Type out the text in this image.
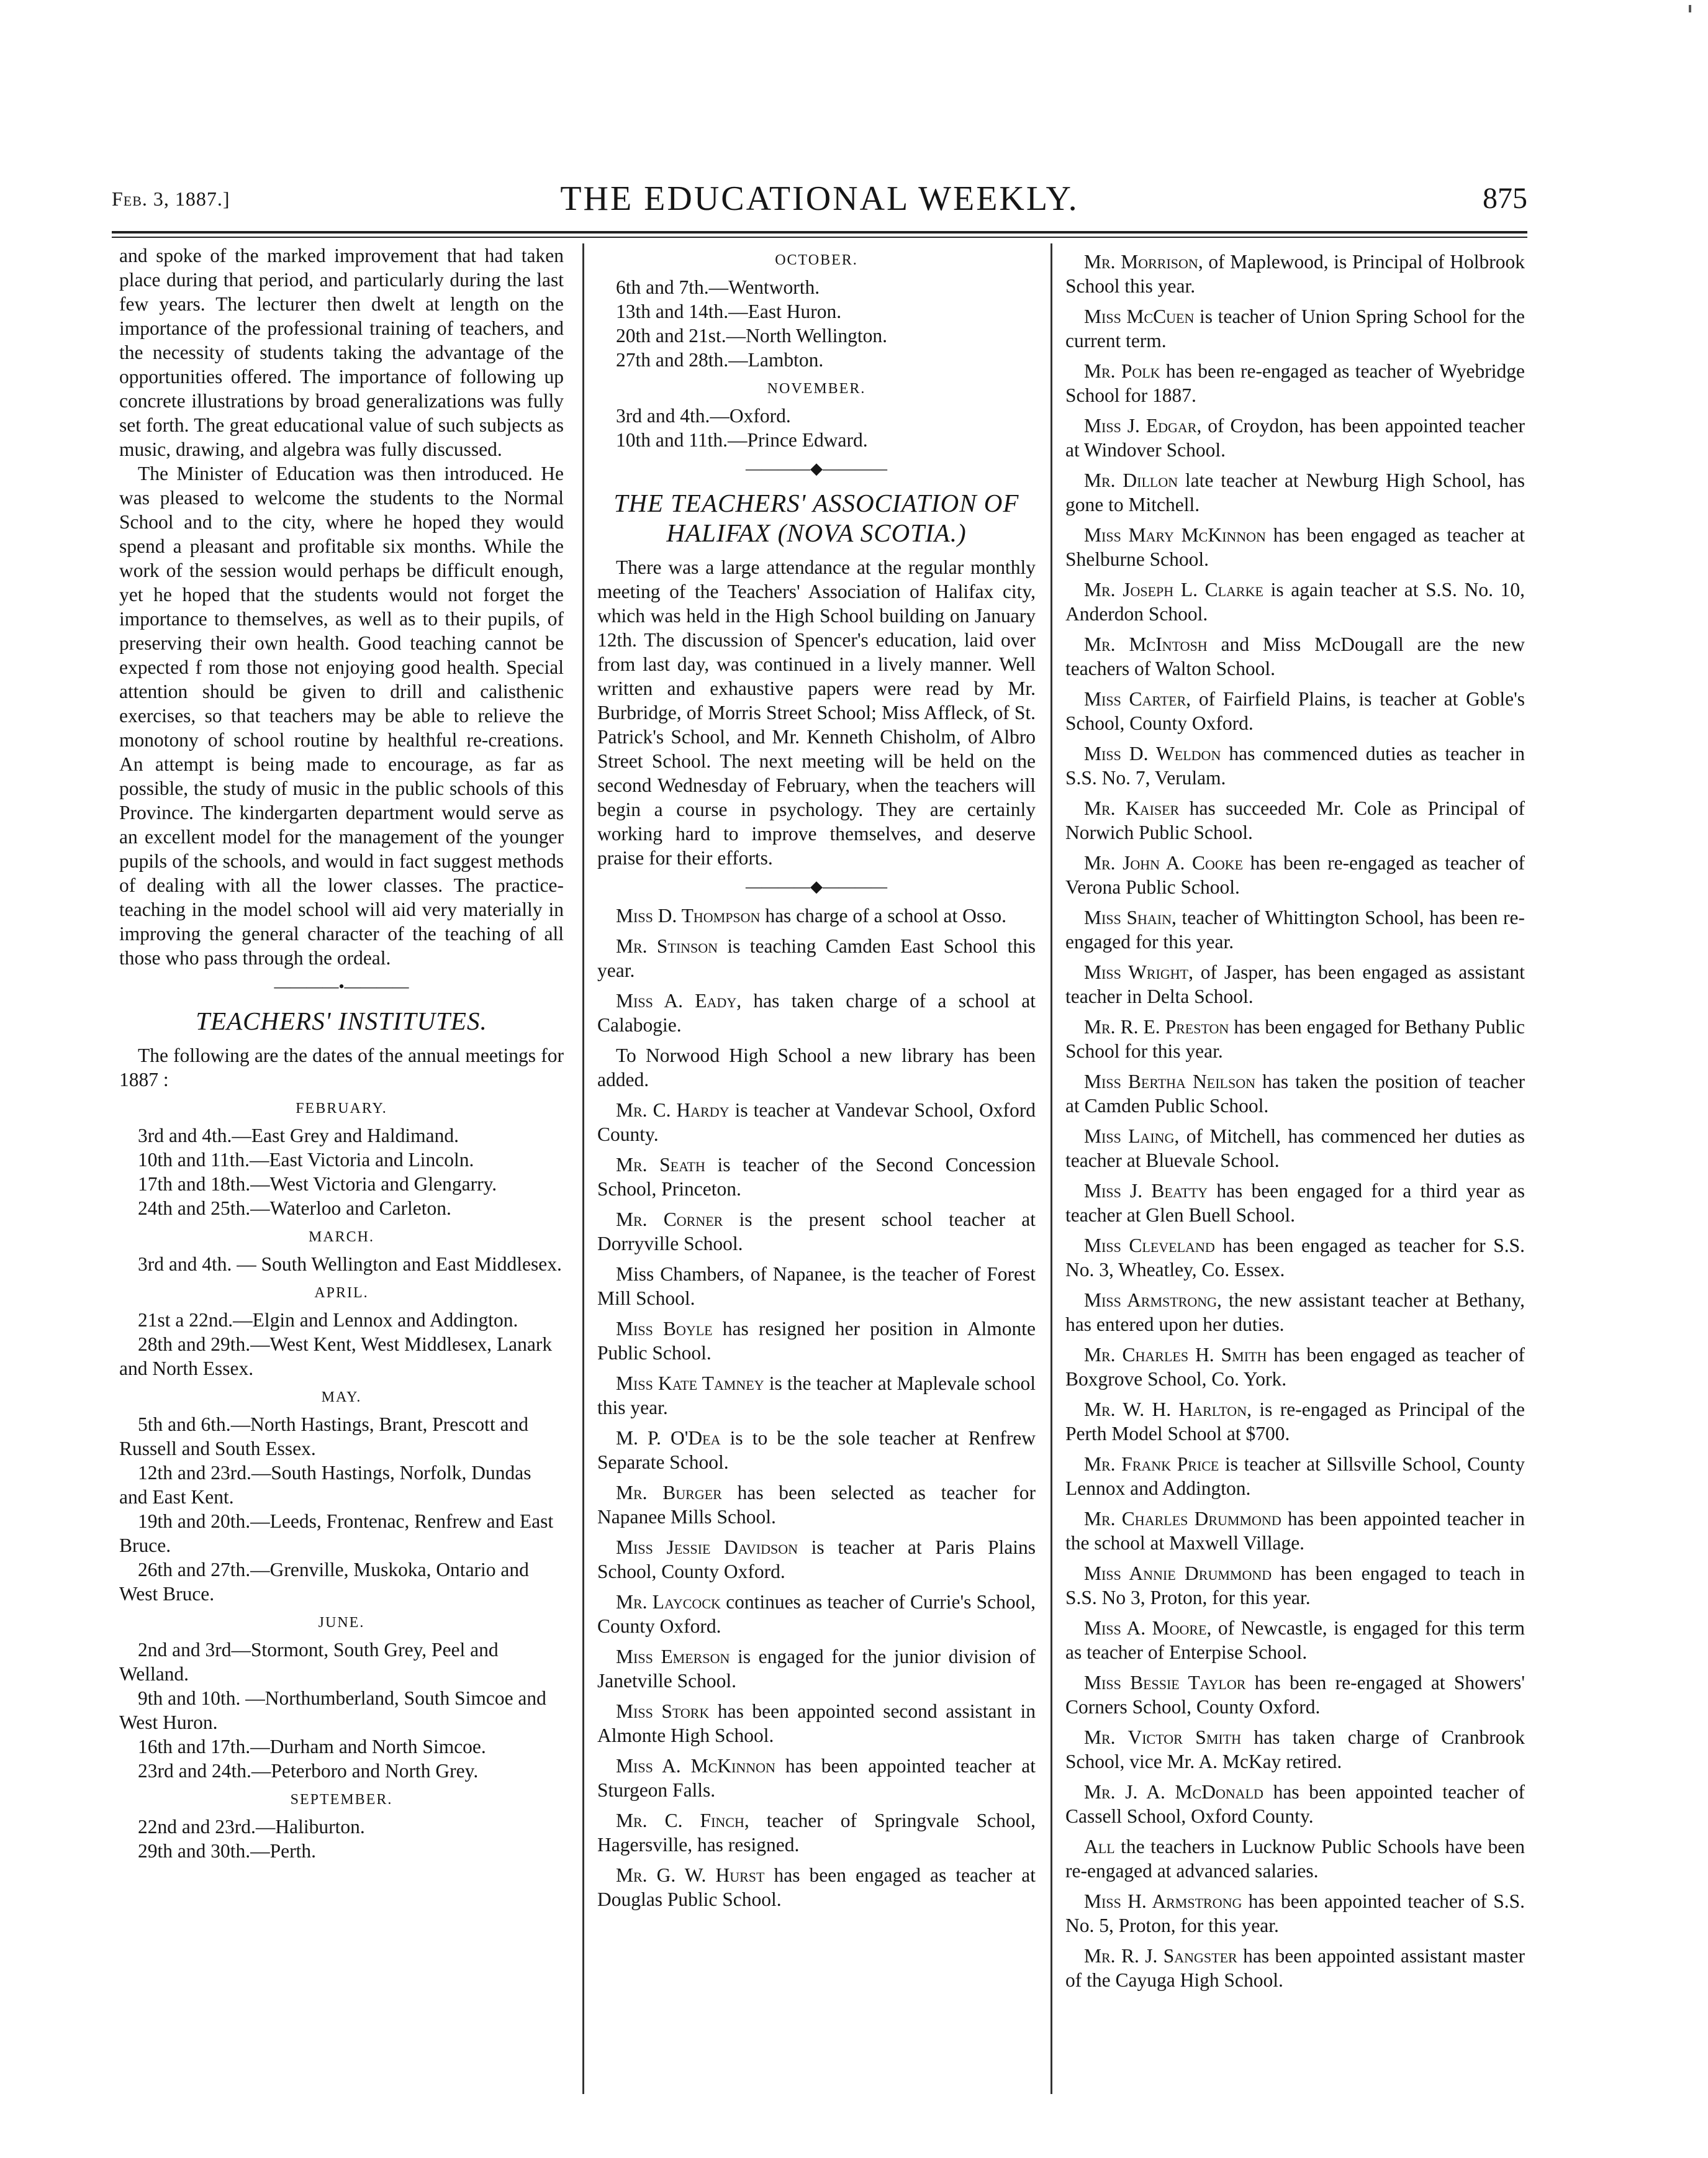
Feb. 3, 1887.]	THE EDUCATIONAL WEEKLY.	875

and spoke of the marked improvement that had taken place during that period, and particularly during the last few years. The lecturer then dwelt at length on the importance of the professional training of teachers, and the necessity of students taking the advantage of the opportunities offered. The importance of following up concrete illustrations by broad generalizations was fully set forth. The great educational value of such subjects as music, drawing, and algebra was fully discussed.

The Minister of Education was then introduced. He was pleased to welcome the students to the Normal School and to the city, where he hoped they would spend a pleasant and profitable six months. While the work of the session would perhaps be difficult enough, yet he hoped that the students would not forget the importance to themselves, as well as to their pupils, of preserving their own health. Good teaching cannot be expected f rom those not enjoying good health. Special attention should be given to drill and calisthenic exercises, so that teachers may be able to relieve the monotony of school routine by healthful re-creations. An attempt is being made to encourage, as far as possible, the study of music in the public schools of this Province. The kindergarten department would serve as an excellent model for the management of the younger pupils of the schools, and would in fact suggest methods of dealing with all the lower classes. The practice-teaching in the model school will aid very materially in improving the general character of the teaching of all those who pass through the ordeal.

————•————
TEACHERS' INSTITUTES.

The following are the dates of the annual meetings for 1887 :

FEBRUARY.

3rd and 4th.—East Grey and Haldimand.

10th and 11th.—East Victoria and Lincoln.

17th and 18th.—West Victoria and Glengarry.

24th and 25th.—Waterloo and Carleton.

MARCH.

3rd and 4th. — South Wellington and East Middlesex.

APRIL.

21st a 22nd.—Elgin and Lennox and Addington.

28th and 29th.—West Kent, West Middlesex, Lanark and North Essex.

MAY.

5th and 6th.—North Hastings, Brant, Prescott and Russell and South Essex.

12th and 23rd.—South Hastings, Norfolk, Dundas and East Kent.

19th and 20th.—Leeds, Frontenac, Renfrew and East Bruce.

26th and 27th.—Grenville, Muskoka, Ontario and West Bruce.

JUNE.

2nd and 3rd—Stormont, South Grey, Peel and Welland.

9th and 10th. —Northumberland, South Simcoe and West Huron.

16th and 17th.—Durham and North Simcoe.

23rd and 24th.—Peterboro and North Grey.

SEPTEMBER.

22nd and 23rd.—Haliburton.

29th and 30th.—Perth.

OCTOBER.

6th and 7th.—Wentworth.

13th and 14th.—East Huron.

20th and 21st.—North Wellington.

27th and 28th.—Lambton.

NOVEMBER.

3rd and 4th.—Oxford.

10th and 11th.—Prince Edward.

————◆————
THE TEACHERS' ASSOCIATION OF HALIFAX (NOVA SCOTIA.)

There was a large attendance at the regular monthly meeting of the Teachers' Association of Halifax city, which was held in the High School building on January 12th. The discussion of Spencer's education, laid over from last day, was continued in a lively manner. Well written and exhaustive papers were read by Mr. Burbridge, of Morris Street School; Miss Affleck, of St. Patrick's School, and Mr. Kenneth Chisholm, of Albro Street School. The next meeting will be held on the second Wednesday of February, when the teachers will begin a course in psychology. They are certainly working hard to improve themselves, and deserve praise for their efforts.

————◆————

Miss D. Thompson has charge of a school at Osso.

Mr. Stinson is teaching Camden East School this year.

Miss A. Eady, has taken charge of a school at Calabogie.

To Norwood High School a new library has been added.

Mr. C. Hardy is teacher at Vandevar School, Oxford County.

Mr. Seath is teacher of the Second Concession School, Princeton.

Mr. Corner is the present school teacher at Dorryville School.

Miss Chambers, of Napanee, is the teacher of Forest Mill School.

Miss Boyle has resigned her position in Almonte Public School.

Miss Kate Tamney is the teacher at Maplevale school this year.

M. P. O'Dea is to be the sole teacher at Renfrew Separate School.

Mr. Burger has been selected as teacher for Napanee Mills School.

Miss Jessie Davidson is teacher at Paris Plains School, County Oxford.

Mr. Laycock continues as teacher of Currie's School, County Oxford.

Miss Emerson is engaged for the junior division of Janetville School.

Miss Stork has been appointed second assistant in Almonte High School.

Miss A. McKinnon has been appointed teacher at Sturgeon Falls.

Mr. C. Finch, teacher of Springvale School, Hagersville, has resigned.

Mr. G. W. Hurst has been engaged as teacher at Douglas Public School.

Mr. Morrison, of Maplewood, is Principal of Holbrook School this year.

Miss McCuen is teacher of Union Spring School for the current term.

Mr. Polk has been re-engaged as teacher of Wyebridge School for 1887.

Miss J. Edgar, of Croydon, has been appointed teacher at Windover School.

Mr. Dillon late teacher at Newburg High School, has gone to Mitchell.

Miss Mary McKinnon has been engaged as teacher at Shelburne School.

Mr. Joseph L. Clarke is again teacher at S.S. No. 10, Anderdon School.

Mr. McIntosh and Miss McDougall are the new teachers of Walton School.

Miss Carter, of Fairfield Plains, is teacher at Goble's School, County Oxford.

Miss D. Weldon has commenced duties as teacher in S.S. No. 7, Verulam.

Mr. Kaiser has succeeded Mr. Cole as Principal of Norwich Public School.

Mr. John A. Cooke has been re-engaged as teacher of Verona Public School.

Miss Shain, teacher of Whittington School, has been re-engaged for this year.

Miss Wright, of Jasper, has been engaged as assistant teacher in Delta School.

Mr. R. E. Preston has been engaged for Bethany Public School for this year.

Miss Bertha Neilson has taken the position of teacher at Camden Public School.

Miss Laing, of Mitchell, has commenced her duties as teacher at Bluevale School.

Miss J. Beatty has been engaged for a third year as teacher at Glen Buell School.

Miss Cleveland has been engaged as teacher for S.S. No. 3, Wheatley, Co. Essex.

Miss Armstrong, the new assistant teacher at Bethany, has entered upon her duties.

Mr. Charles H. Smith has been engaged as teacher of Boxgrove School, Co. York.

Mr. W. H. Harlton, is re-engaged as Principal of the Perth Model School at $700.

Mr. Frank Price is teacher at Sillsville School, County Lennox and Addington.

Mr. Charles Drummond has been appointed teacher in the school at Maxwell Village.

Miss Annie Drummond has been engaged to teach in S.S. No 3, Proton, for this year.

Miss A. Moore, of Newcastle, is engaged for this term as teacher of Enterpise School.

Miss Bessie Taylor has been re-engaged at Showers' Corners School, County Oxford.

Mr. Victor Smith has taken charge of Cranbrook School, vice Mr. A. McKay retired.

Mr. J. A. McDonald has been appointed teacher of Cassell School, Oxford County.

All the teachers in Lucknow Public Schools have been re-engaged at advanced salaries.

Miss H. Armstrong has been appointed teacher of S.S. No. 5, Proton, for this year.

Mr. R. J. Sangster has been appointed assistant master of the Cayuga High School.
